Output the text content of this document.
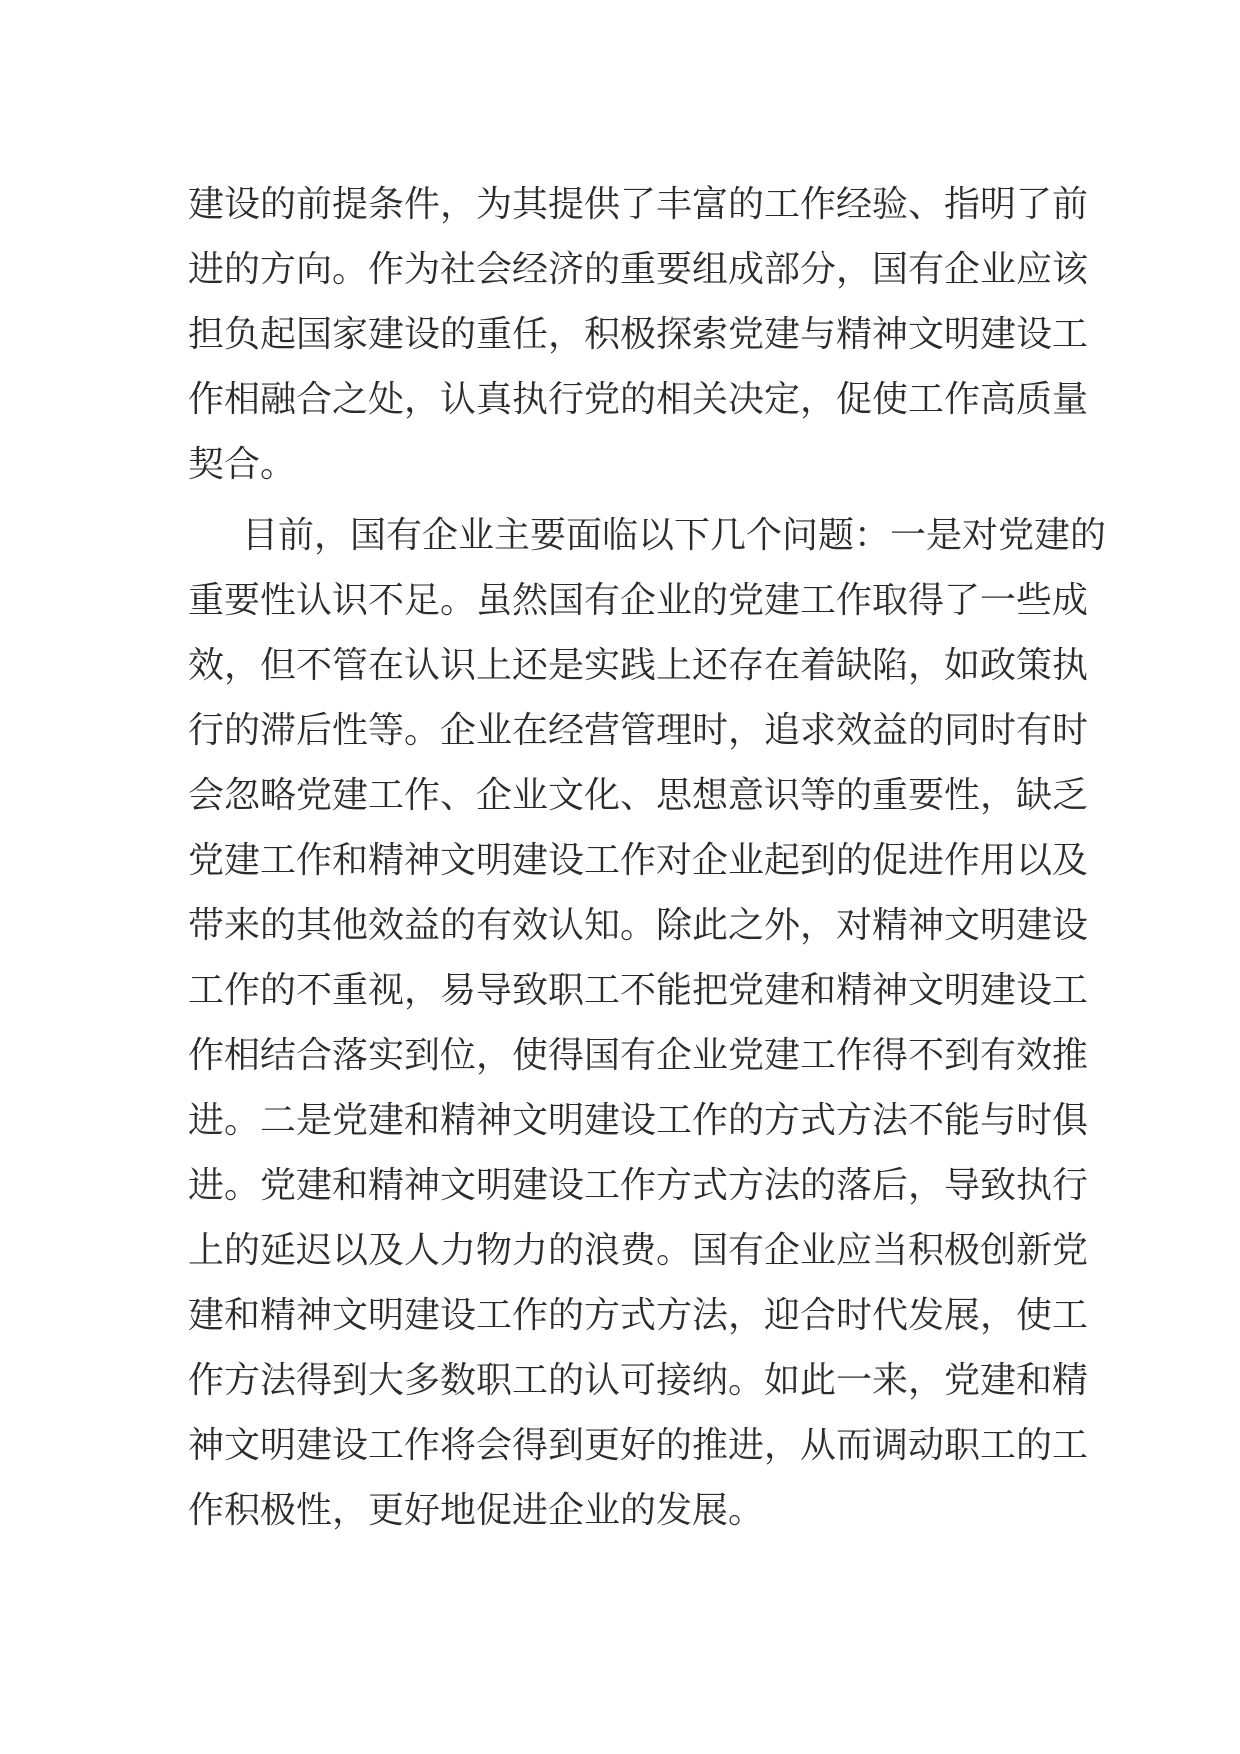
建设的前提条件，为其提供了丰富的工作经验、指明了前
进的方向。作为社会经济的重要组成部分，国有企业应该
担负起国家建设的重任，积极探索党建与精神文明建设工
作相融合之处，认真执行党的相关决定，促使工作高质量
契合。

目前，国有企业主要面临以下几个问题：一是对党建的
重要性认识不足。虽然国有企业的党建工作取得了一些成
效，但不管在认识上还是实践上还存在着缺陷，如政策执
行的滞后性等。企业在经营管理时，追求效益的同时有时
会忽略党建工作、企业文化、思想意识等的重要性，缺乏
党建工作和精神文明建设工作对企业起到的促进作用以及
带来的其他效益的有效认知。除此之外，对精神文明建设
工作的不重视，易导致职工不能把党建和精神文明建设工
作相结合落实到位，使得国有企业党建工作得不到有效推
进。二是党建和精神文明建设工作的方式方法不能与时俱
进。党建和精神文明建设工作方式方法的落后，导致执行
上的延迟以及人力物力的浪费。国有企业应当积极创新党
建和精神文明建设工作的方式方法，迎合时代发展，使工
作方法得到大多数职工的认可接纳。如此一来，党建和精
神文明建设工作将会得到更好的推进，从而调动职工的工
作积极性，更好地促进企业的发展。
